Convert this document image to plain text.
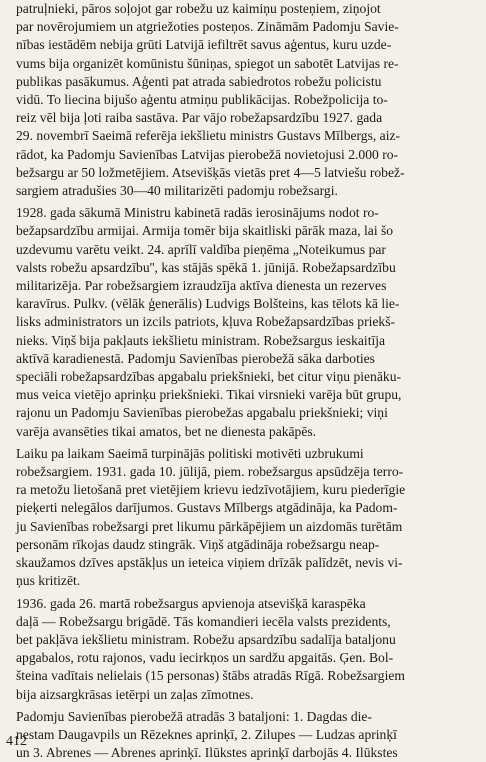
patruļnieki, pāros soļojot gar robežu uz kaimiņu posteņiem, ziņojot
par novērojumiem un atgriežoties posteņos. Zināmām Padomju Savie-
nības iestādēm nebija grūti Latvijā iefiltrēt savus aģentus, kuru uzde-
vums bija organizēt komūnistu šūniņas, spiegot un sabotēt Latvijas re-
publikas pasākumus. Aģenti pat atrada sabiedrotos robežu policistu
vidū. To liecina bijušo aģentu atmiņu publikācijas. Robežpolicija to-
reiz vēl bija ļoti raiba sastāva. Par vājo robežapsardzību 1927. gada
29. novembrī Saeimā referēja iekšlietu ministrs Gustavs Mīlbergs, aiz-
rādot, ka Padomju Savienības Latvijas pierobežā novietojusi 2.000 ro-
bežsargu ar 50 ložmetējiem. Atsevišķās vietās pret 4—5 latviešu robež-
sargiem atradušies 30—40 militarizēti padomju robežsargi.
1928. gada sākumā Ministru kabinetā radās ierosinājums nodot ro-
bežapsardzību armijai. Armija tomēr bija skaitliski pārāk maza, lai šo
uzdevumu varētu veikt. 24. aprīlī valdība pieņēma „Noteikumus par
valsts robežu apsardzību'', kas stājās spēkā 1. jūnijā. Robežapsardzību
militarizēja. Par robežsargiem izraudzīja aktīva dienesta un rezerves
karavīrus. Pulkv. (vēlāk ģenerālis) Ludvigs Bolšteins, kas tēlots kā lie-
lisks administrators un izcils patriots, kļuva Robežapsardzības priekš-
nieks. Viņš bija pakļauts iekšlietu ministram. Robežsargus ieskaitīja
aktīvā karadienestā. Padomju Savienības pierobežā sāka darboties
speciāli robežapsardzības apgabalu priekšnieki, bet citur viņu pienāku-
mus veica vietējo aprinķu priekšnieki. Tikai virsnieki varēja būt grupu,
rajonu un Padomju Savienības pierobežas apgabalu priekšnieki; viņi
varēja avansēties tikai amatos, bet ne dienesta pakāpēs.
Laiku pa laikam Saeimā turpinājās politiski motivēti uzbrukumi
robežsargiem. 1931. gada 10. jūlijā, piem. robežsargus apsūdzēja terro-
ra metožu lietošanā pret vietējiem krievu iedzīvotājiem, kuru piederīgie
pieķerti nelegālos darījumos. Gustavs Mīlbergs atgādināja, ka Padom-
ju Savienības robežsargi pret likumu pārkāpējiem un aizdomās turētām
personām rīkojas daudz stingrāk. Viņš atgādināja robežsargu neap-
skaužamos dzīves apstākļus un ieteica viņiem drīzāk palīdzēt, nevis vi-
ņus kritizēt.
1936. gada 26. martā robežsargus apvienoja atsevišķā karaspēka
daļā — Robežsargu brigādē. Tās komandieri iecēla valsts prezidents,
bet pakļāva iekšlietu ministram. Robežu apsardzību sadalīja bataljonu
apgabalos, rotu rajonos, vadu iecirkņos un sardžu apgaitās. Ģen. Bol-
šteina vadītais nelielais (15 personas) štābs atradās Rīgā. Robežsargiem
bija aizsargkrāsas ietērpi un zaļas zīmotnes.
Padomju Savienības pierobežā atradās 3 bataljoni: 1. Dagdas die-
nestam Daugavpils un Rēzeknes aprinķī, 2. Zilupes — Ludzas aprinķī
un 3. Abrenes — Abrenes aprinķī. Ilūkstes aprinķī darbojās 4. Ilūkstes
412
